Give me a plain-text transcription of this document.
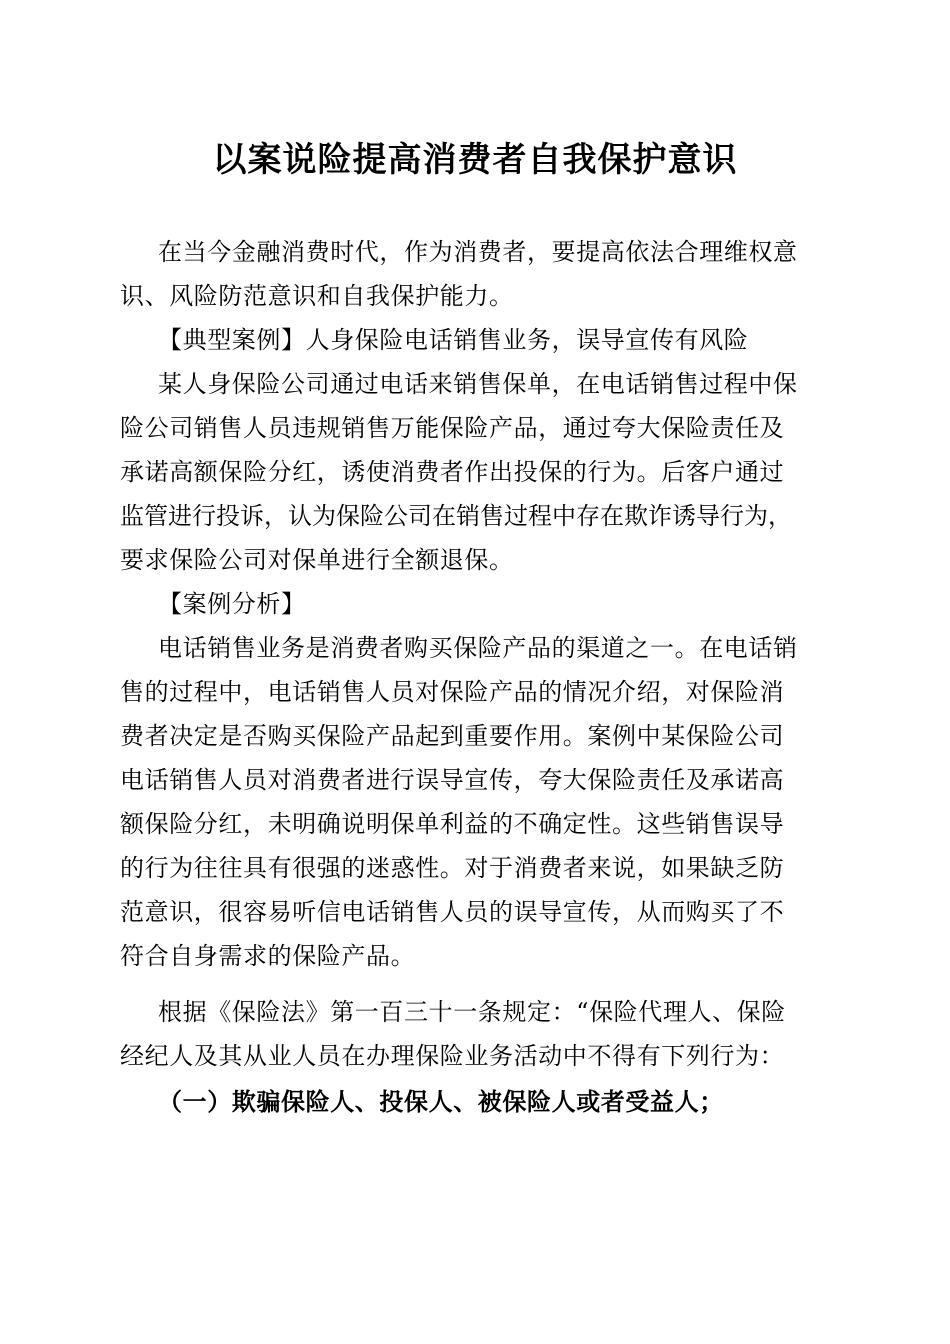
以案说险提高消费者自我保护意识
在当今金融消费时代，作为消费者，要提高依法合理维权意
识、风险防范意识和自我保护能力。
【典型案例】人身保险电话销售业务，误导宣传有风险
某人身保险公司通过电话来销售保单，在电话销售过程中保
险公司销售人员违规销售万能保险产品，通过夸大保险责任及
承诺高额保险分红，诱使消费者作出投保的行为。后客户通过
监管进行投诉，认为保险公司在销售过程中存在欺诈诱导行为，
要求保险公司对保单进行全额退保。
【案例分析】
电话销售业务是消费者购买保险产品的渠道之一。在电话销
售的过程中，电话销售人员对保险产品的情况介绍，对保险消
费者决定是否购买保险产品起到重要作用。案例中某保险公司
电话销售人员对消费者进行误导宣传，夸大保险责任及承诺高
额保险分红，未明确说明保单利益的不确定性。这些销售误导
的行为往往具有很强的迷惑性。对于消费者来说，如果缺乏防
范意识，很容易听信电话销售人员的误导宣传，从而购买了不
符合自身需求的保险产品。
根据《保险法》第一百三十一条规定：“保险代理人、保险
经纪人及其从业人员在办理保险业务活动中不得有下列行为：
（一）欺骗保险人、投保人、被保险人或者受益人；
